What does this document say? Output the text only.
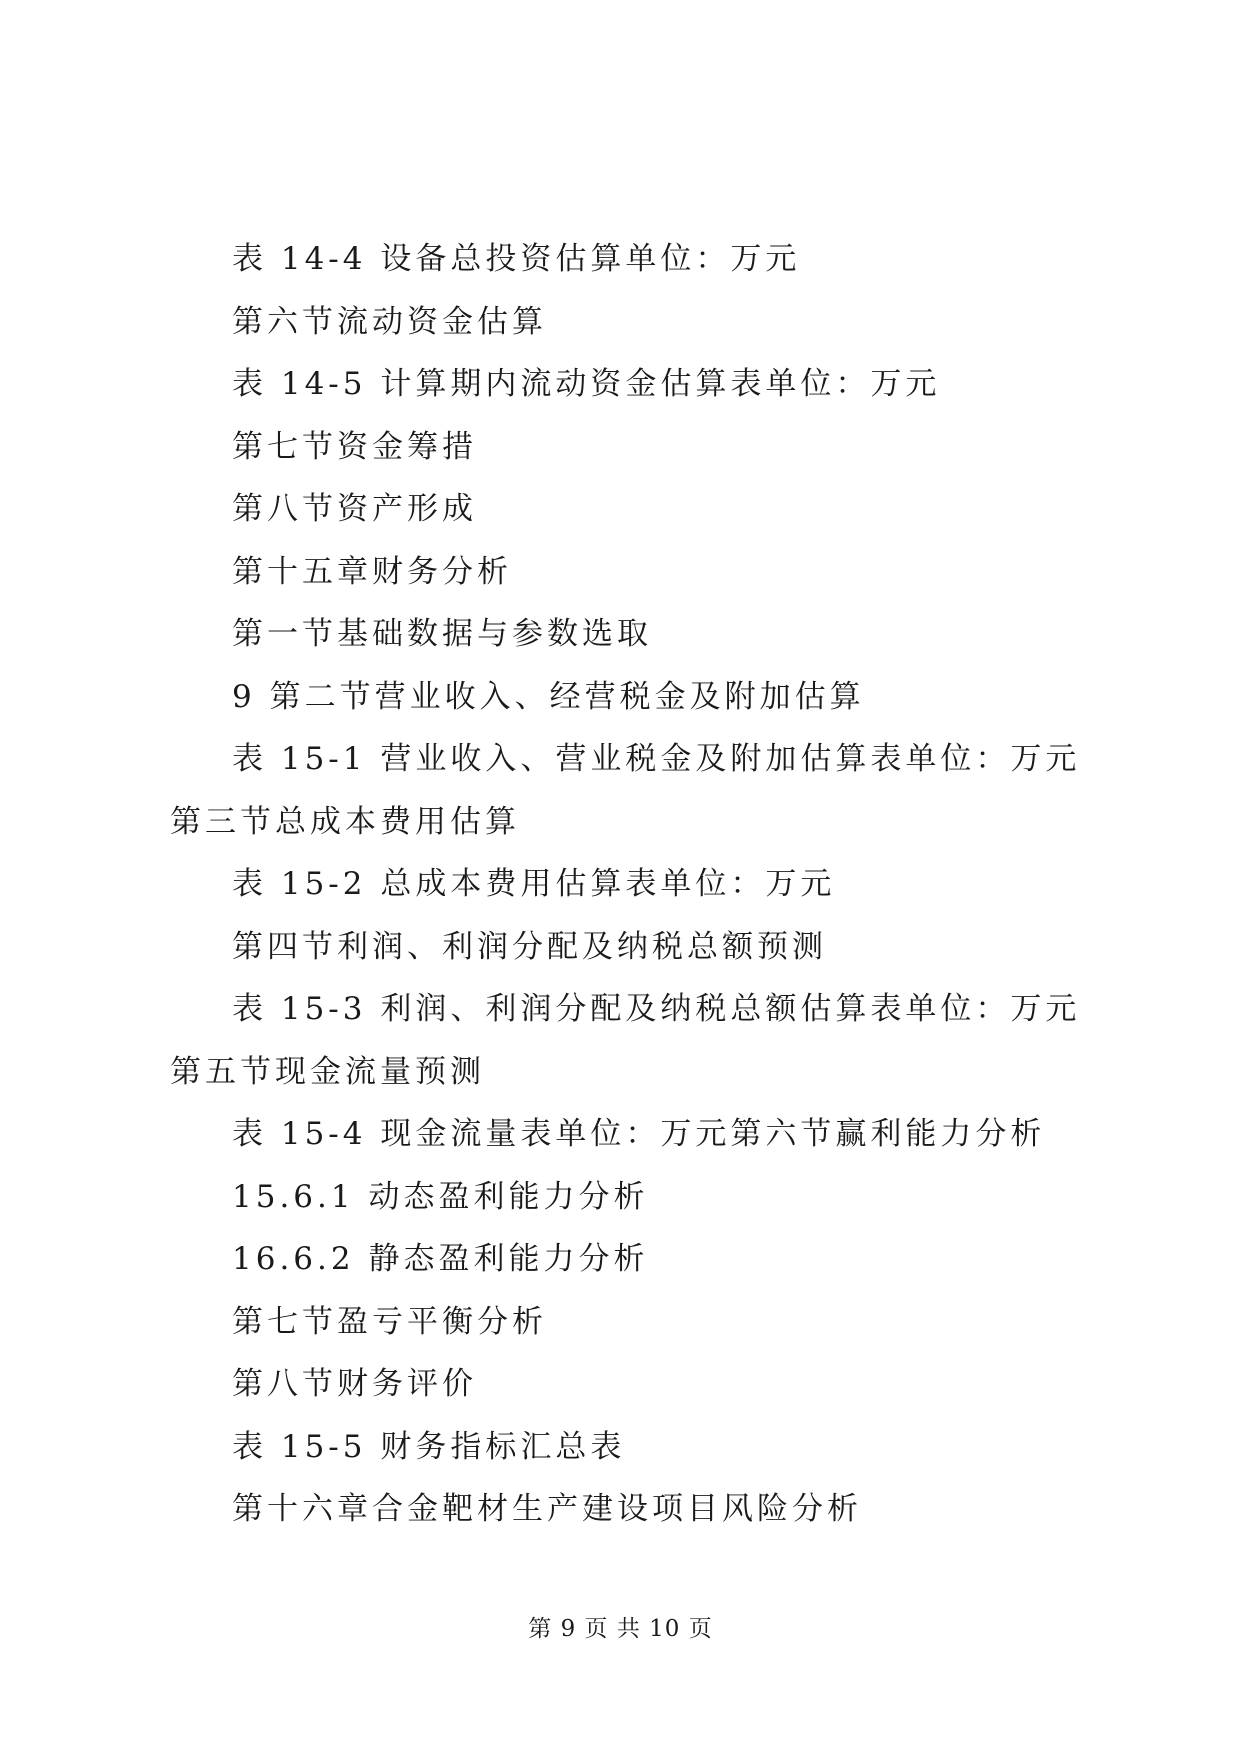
表 14-4 设备总投资估算单位：万元

第六节流动资金估算

表 14-5 计算期内流动资金估算表单位：万元

第七节资金筹措

第八节资产形成

第十五章财务分析

第一节基础数据与参数选取

9 第二节营业收入、经营税金及附加估算

表 15-1 营业收入、营业税金及附加估算表单位：万元第三节总成本费用估算

表 15-2 总成本费用估算表单位：万元

第四节利润、利润分配及纳税总额预测

表 15-3 利润、利润分配及纳税总额估算表单位：万元第五节现金流量预测

表 15-4 现金流量表单位：万元第六节赢利能力分析

15.6.1 动态盈利能力分析

16.6.2 静态盈利能力分析

第七节盈亏平衡分析

第八节财务评价

表 15-5 财务指标汇总表

第十六章合金靶材生产建设项目风险分析

第 9 页 共 10 页
